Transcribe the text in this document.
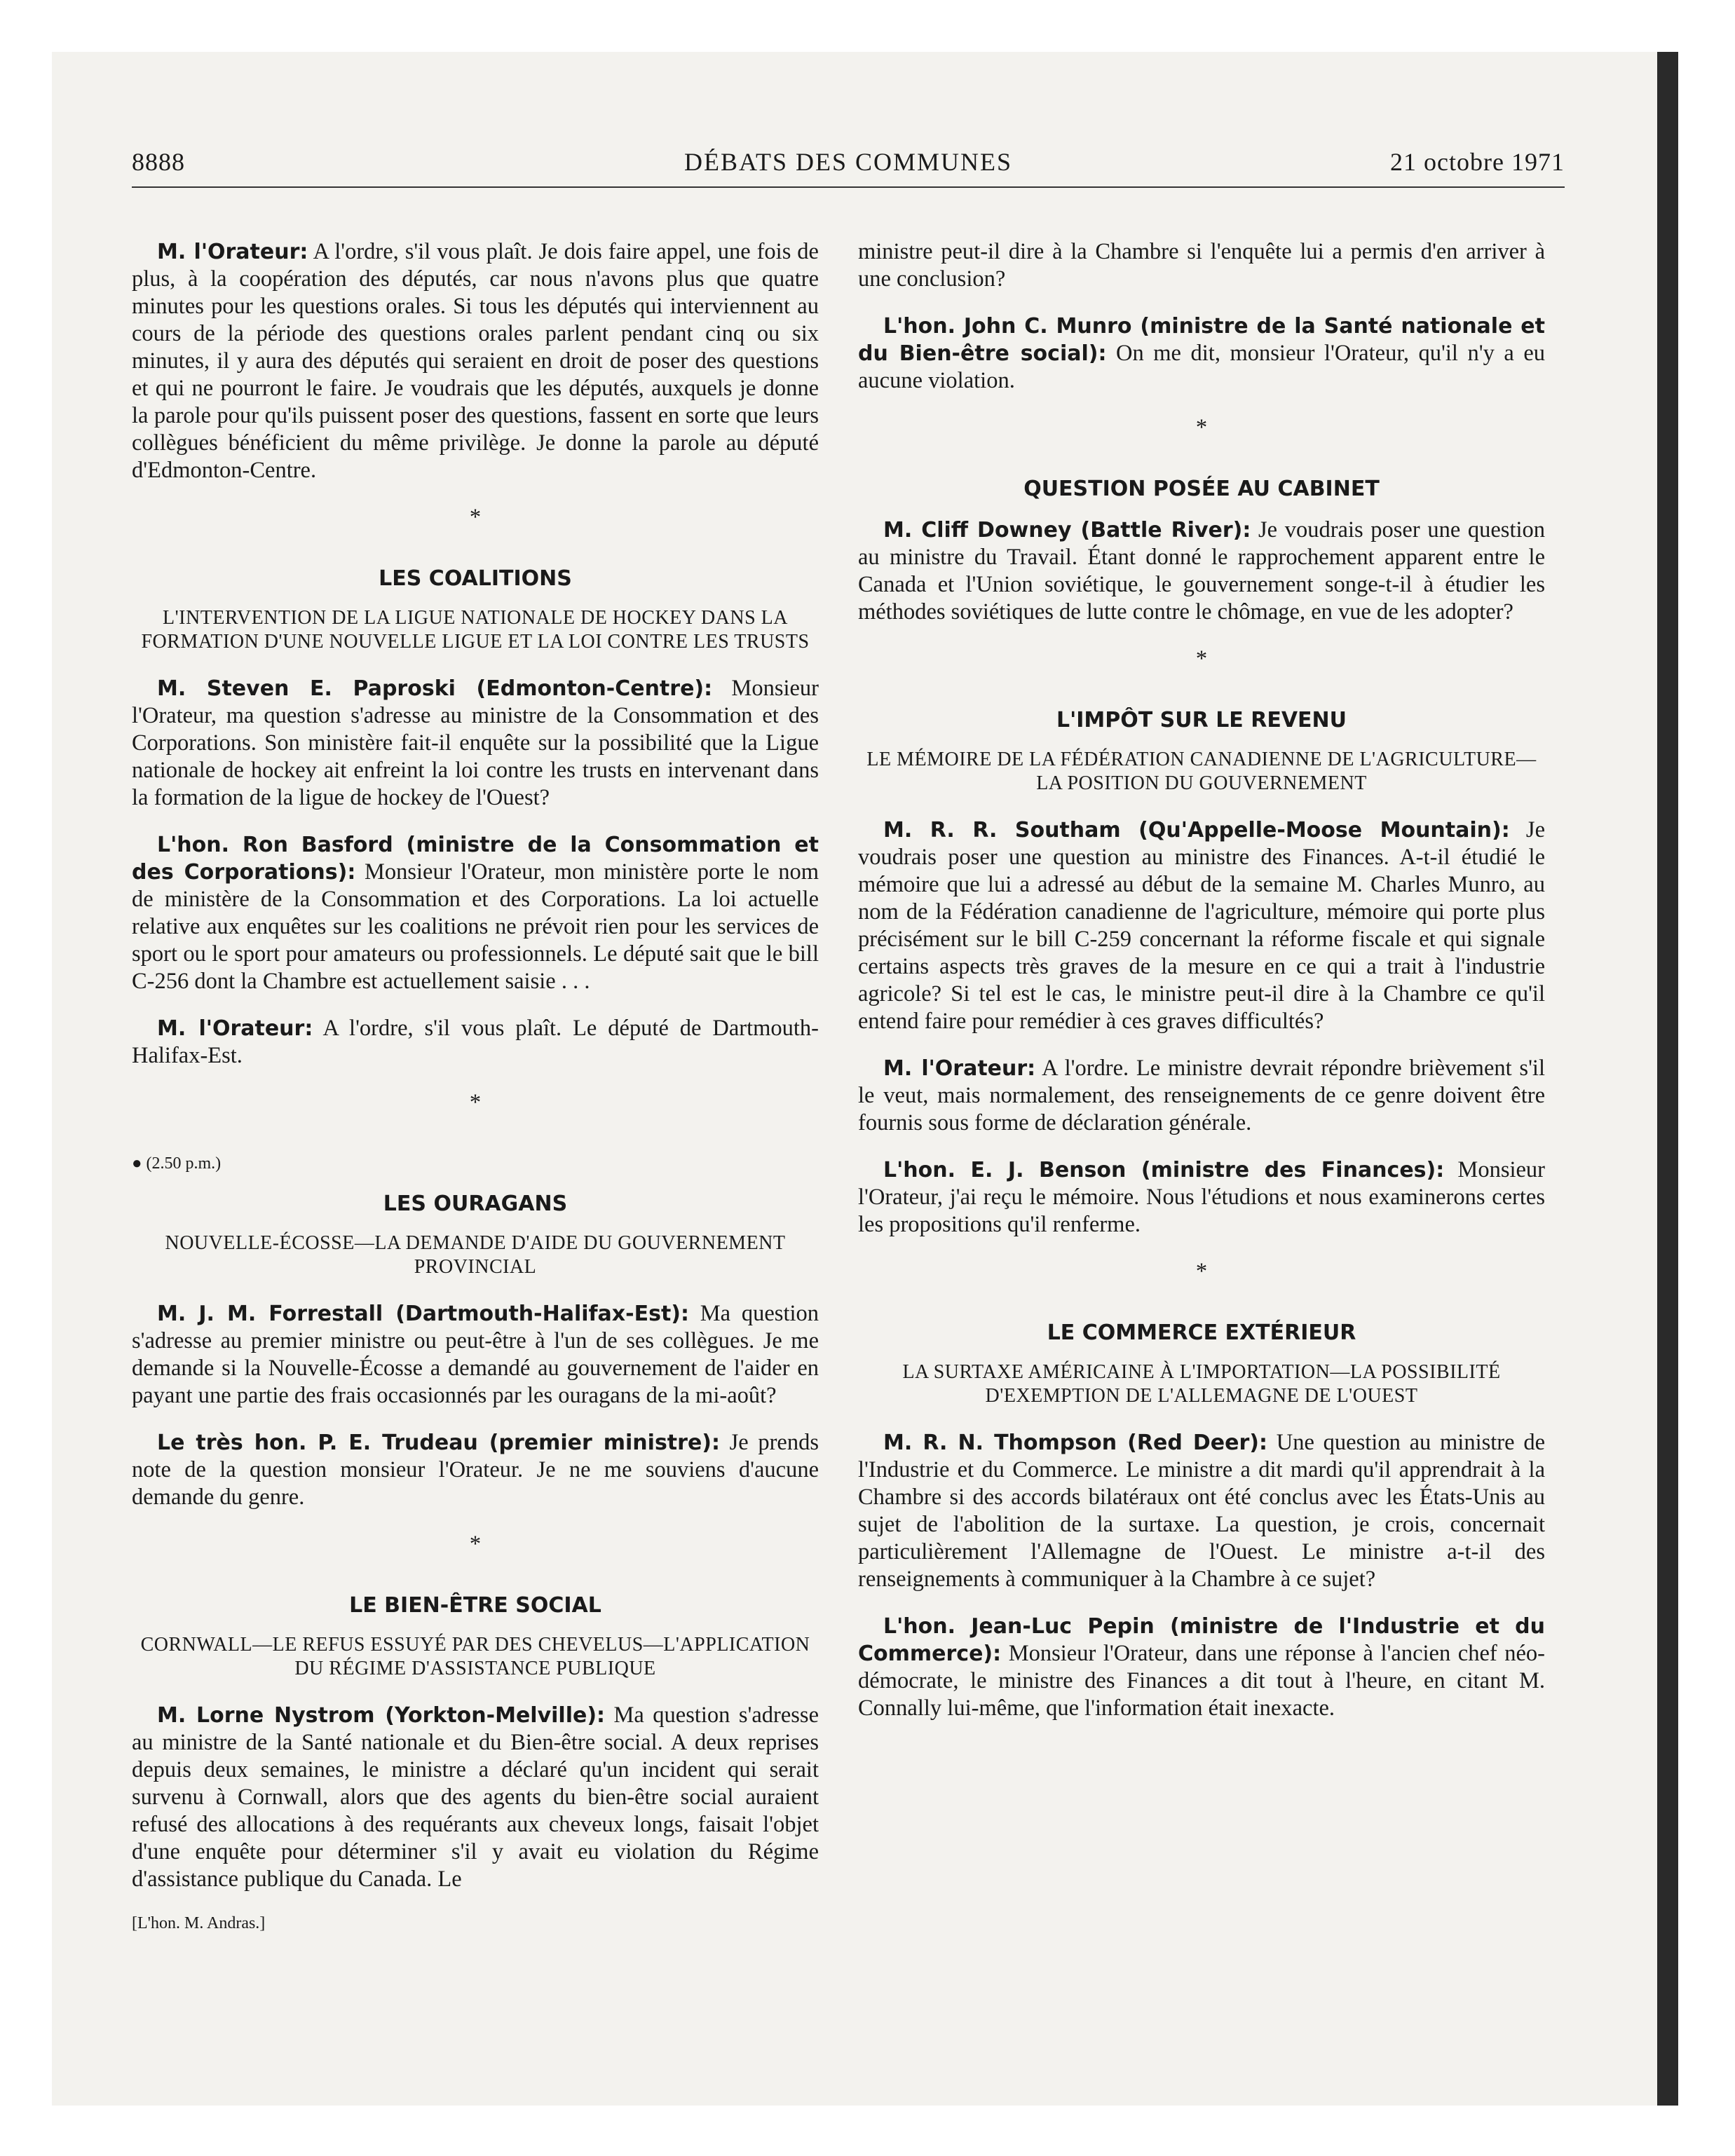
8888	DÉBATS DES COMMUNES	21 octobre 1971

M. l'Orateur: A l'ordre, s'il vous plaît. Je dois faire appel, une fois de plus, à la coopération des députés, car nous n'avons plus que quatre minutes pour les questions orales. Si tous les députés qui interviennent au cours de la période des questions orales parlent pendant cinq ou six minutes, il y aura des députés qui seraient en droit de poser des questions et qui ne pourront le faire. Je voudrais que les députés, auxquels je donne la parole pour qu'ils puissent poser des questions, fassent en sorte que leurs collègues bénéficient du même privilège. Je donne la parole au député d'Edmonton-Centre.

*
LES COALITIONS
L'INTERVENTION DE LA LIGUE NATIONALE DE HOCKEY DANS LA FORMATION D'UNE NOUVELLE LIGUE ET LA LOI CONTRE LES TRUSTS

M. Steven E. Paproski (Edmonton-Centre): Monsieur l'Orateur, ma question s'adresse au ministre de la Consommation et des Corporations. Son ministère fait-il enquête sur la possibilité que la Ligue nationale de hockey ait enfreint la loi contre les trusts en intervenant dans la formation de la ligue de hockey de l'Ouest?

L'hon. Ron Basford (ministre de la Consommation et des Corporations): Monsieur l'Orateur, mon ministère porte le nom de ministère de la Consommation et des Corporations. La loi actuelle relative aux enquêtes sur les coalitions ne prévoit rien pour les services de sport ou le sport pour amateurs ou professionnels. Le député sait que le bill C-256 dont la Chambre est actuellement saisie . . .

M. l'Orateur: A l'ordre, s'il vous plaît. Le député de Dartmouth-Halifax-Est.

*
● (2.50 p.m.)
LES OURAGANS
NOUVELLE-ÉCOSSE—LA DEMANDE D'AIDE DU GOUVERNEMENT PROVINCIAL

M. J. M. Forrestall (Dartmouth-Halifax-Est): Ma question s'adresse au premier ministre ou peut-être à l'un de ses collègues. Je me demande si la Nouvelle-Écosse a demandé au gouvernement de l'aider en payant une partie des frais occasionnés par les ouragans de la mi-août?

Le très hon. P. E. Trudeau (premier ministre): Je prends note de la question monsieur l'Orateur. Je ne me souviens d'aucune demande du genre.

*
LE BIEN-ÊTRE SOCIAL
CORNWALL—LE REFUS ESSUYÉ PAR DES CHEVELUS—L'APPLICATION DU RÉGIME D'ASSISTANCE PUBLIQUE

M. Lorne Nystrom (Yorkton-Melville): Ma question s'adresse au ministre de la Santé nationale et du Bien-être social. A deux reprises depuis deux semaines, le ministre a déclaré qu'un incident qui serait survenu à Cornwall, alors que des agents du bien-être social auraient refusé des allocations à des requérants aux cheveux longs, faisait l'objet d'une enquête pour déterminer s'il y avait eu violation du Régime d'assistance publique du Canada. Le

[L'hon. M. Andras.]

ministre peut-il dire à la Chambre si l'enquête lui a permis d'en arriver à une conclusion?

L'hon. John C. Munro (ministre de la Santé nationale et du Bien-être social): On me dit, monsieur l'Orateur, qu'il n'y a eu aucune violation.

*
QUESTION POSÉE AU CABINET

M. Cliff Downey (Battle River): Je voudrais poser une question au ministre du Travail. Étant donné le rapprochement apparent entre le Canada et l'Union soviétique, le gouvernement songe-t-il à étudier les méthodes soviétiques de lutte contre le chômage, en vue de les adopter?

*
L'IMPÔT SUR LE REVENU
LE MÉMOIRE DE LA FÉDÉRATION CANADIENNE DE L'AGRICULTURE—LA POSITION DU GOUVERNEMENT

M. R. R. Southam (Qu'Appelle-Moose Mountain): Je voudrais poser une question au ministre des Finances. A-t-il étudié le mémoire que lui a adressé au début de la semaine M. Charles Munro, au nom de la Fédération canadienne de l'agriculture, mémoire qui porte plus précisément sur le bill C-259 concernant la réforme fiscale et qui signale certains aspects très graves de la mesure en ce qui a trait à l'industrie agricole? Si tel est le cas, le ministre peut-il dire à la Chambre ce qu'il entend faire pour remédier à ces graves difficultés?

M. l'Orateur: A l'ordre. Le ministre devrait répondre brièvement s'il le veut, mais normalement, des renseignements de ce genre doivent être fournis sous forme de déclaration générale.

L'hon. E. J. Benson (ministre des Finances): Monsieur l'Orateur, j'ai reçu le mémoire. Nous l'étudions et nous examinerons certes les propositions qu'il renferme.

*
LE COMMERCE EXTÉRIEUR
LA SURTAXE AMÉRICAINE À L'IMPORTATION—LA POSSIBILITÉ D'EXEMPTION DE L'ALLEMAGNE DE L'OUEST

M. R. N. Thompson (Red Deer): Une question au ministre de l'Industrie et du Commerce. Le ministre a dit mardi qu'il apprendrait à la Chambre si des accords bilatéraux ont été conclus avec les États-Unis au sujet de l'abolition de la surtaxe. La question, je crois, concernait particulièrement l'Allemagne de l'Ouest. Le ministre a-t-il des renseignements à communiquer à la Chambre à ce sujet?

L'hon. Jean-Luc Pepin (ministre de l'Industrie et du Commerce): Monsieur l'Orateur, dans une réponse à l'ancien chef néo-démocrate, le ministre des Finances a dit tout à l'heure, en citant M. Connally lui-même, que l'information était inexacte.
